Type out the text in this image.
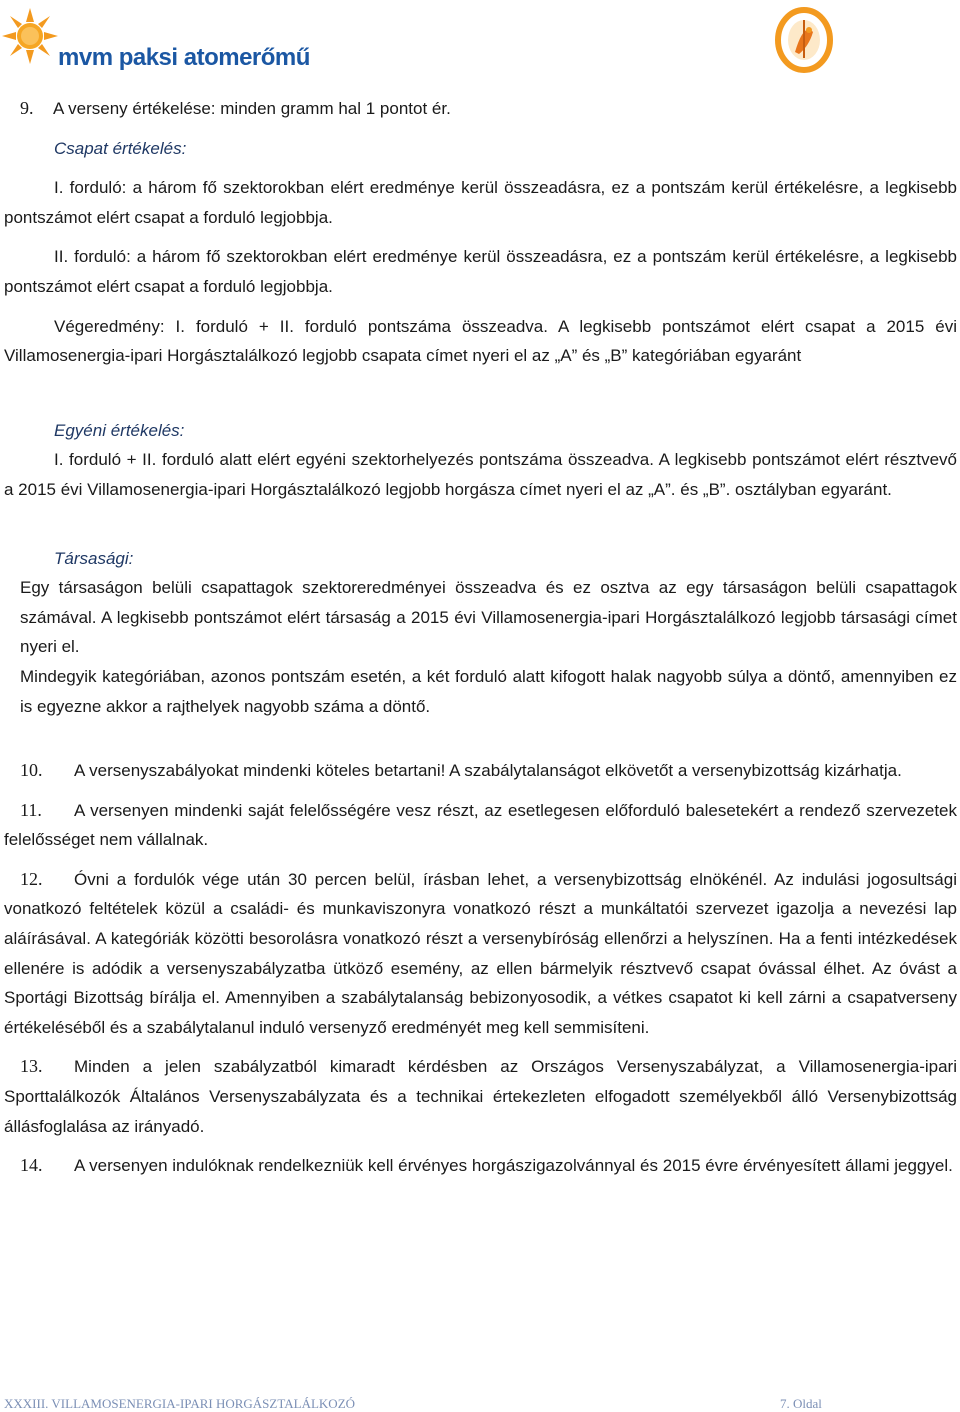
mvm paksi atomerőmű

9. A verseny értékelése: minden gramm hal 1 pontot ér.

Csapat értékelés:

I. forduló: a három fő szektorokban elért eredménye kerül összeadásra, ez a pontszám kerül értékelésre, a legkisebb pontszámot elért csapat a forduló legjobbja.

II. forduló: a három fő szektorokban elért eredménye kerül összeadásra, ez a pontszám kerül értékelésre, a legkisebb pontszámot elért csapat a forduló legjobbja.

Végeredmény: I. forduló + II. forduló pontszáma összeadva. A legkisebb pontszámot elért csapat a 2015 évi Villamosenergia-ipari Horgásztalálkozó legjobb csapata címet nyeri el az „A” és „B” kategóriában egyaránt

Egyéni értékelés:

I. forduló + II. forduló alatt elért egyéni szektorhelyezés pontszáma összeadva. A legkisebb pontszámot elért résztvevő a 2015 évi Villamosenergia-ipari Horgásztalálkozó legjobb horgásza címet nyeri el az „A”. és „B”. osztályban egyaránt.

Társasági:

Egy társaságon belüli csapattagok szektoreredményei összeadva és ez osztva az egy társaságon belüli csapattagok számával. A legkisebb pontszámot elért társaság a 2015 évi Villamosenergia-ipari Horgásztalálkozó legjobb társasági címet nyeri el.

Mindegyik kategóriában, azonos pontszám esetén, a két forduló alatt kifogott halak nagyobb súlya a döntő, amennyiben ez is egyezne akkor a rajthelyek nagyobb száma a döntő.

10. A versenyszabályokat mindenki köteles betartani! A szabálytalanságot elkövetőt a versenybizottság kizárhatja.

11. A versenyen mindenki saját felelősségére vesz részt, az esetlegesen előforduló balesetekért a rendező szervezetek felelősséget nem vállalnak.

12. Óvni a fordulók vége után 30 percen belül, írásban lehet, a versenybizottság elnökénél. Az indulási jogosultsági vonatkozó feltételek közül a családi- és munkaviszonyra vonatkozó részt a munkáltatói szervezet igazolja a nevezési lap aláírásával. A kategóriák közötti besorolásra vonatkozó részt a versenybíróság ellenőrzi a helyszínen. Ha a fenti intézkedések ellenére is adódik a versenyszabályzatba ütköző esemény, az ellen bármelyik résztvevő csapat óvással élhet. Az óvást a Sportági Bizottság bírálja el. Amennyiben a szabálytalanság bebizonyosodik, a vétkes csapatot ki kell zárni a csapatverseny értékeléséből és a szabálytalanul induló versenyző eredményét meg kell semmisíteni.

13. Minden a jelen szabályzatból kimaradt kérdésben az Országos Versenyszabályzat, a Villamosenergia-ipari Sporttalálkozók Általános Versenyszabályzata és a technikai értekezleten elfogadott személyekből álló Versenybizottság állásfoglalása az irányadó.

14. A versenyen indulóknak rendelkezniük kell érvényes horgászigazolvánnyal és 2015 évre érvényesített állami jeggyel.

XXXIII. VILLAMOSENERGIA-IPARI HORGÁSZTALÁLKOZÓ	7. Oldal
